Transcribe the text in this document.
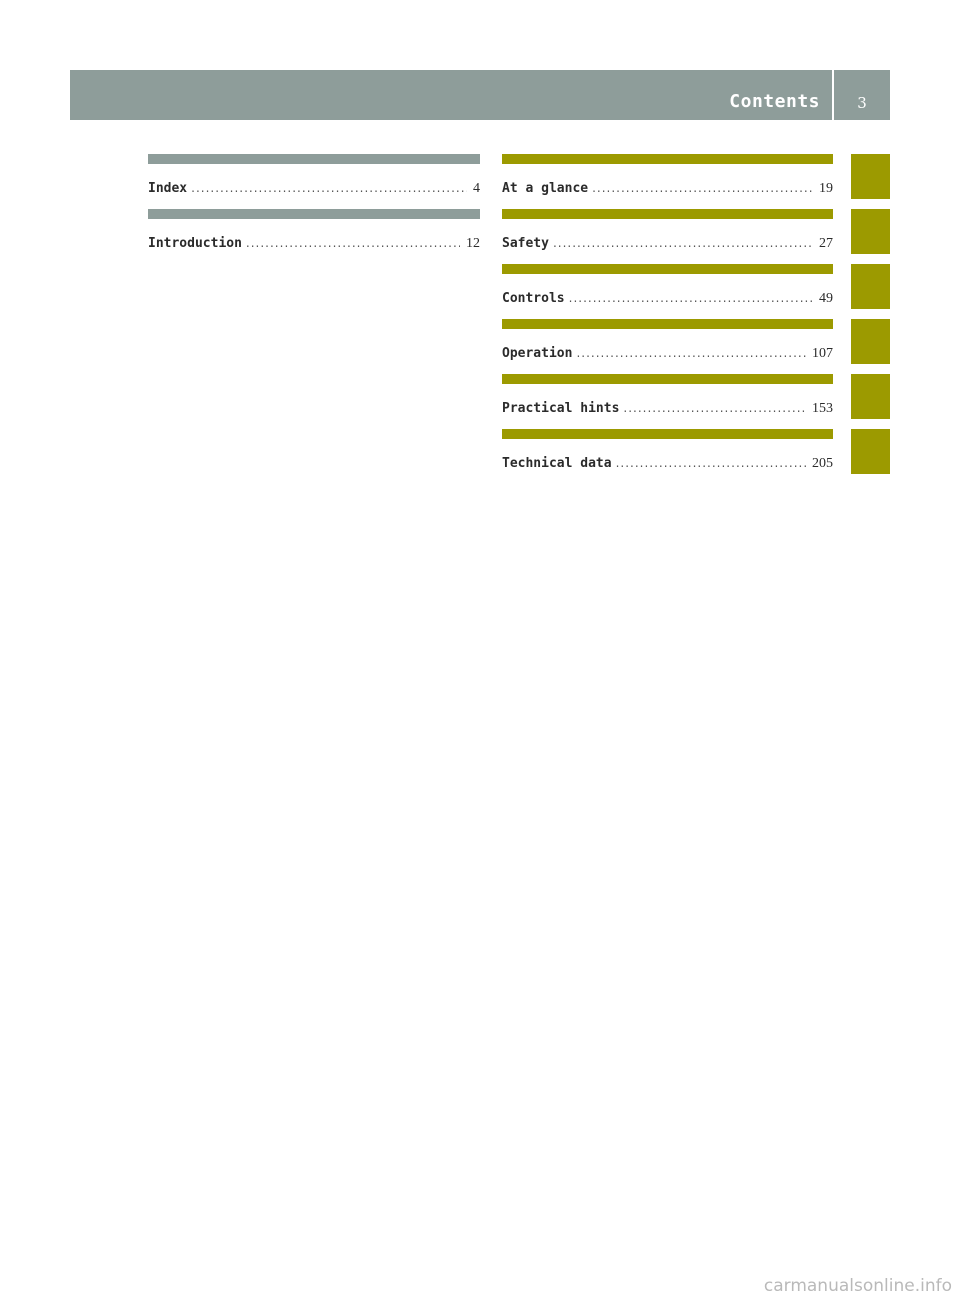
Contents	3
Index .....	4
Introduction .....	12
At a glance .....	19
Safety .....	27
Controls .....	49
Operation .....	107
Practical hints .....	153
Technical data .....	205
carmanualsonline.info
